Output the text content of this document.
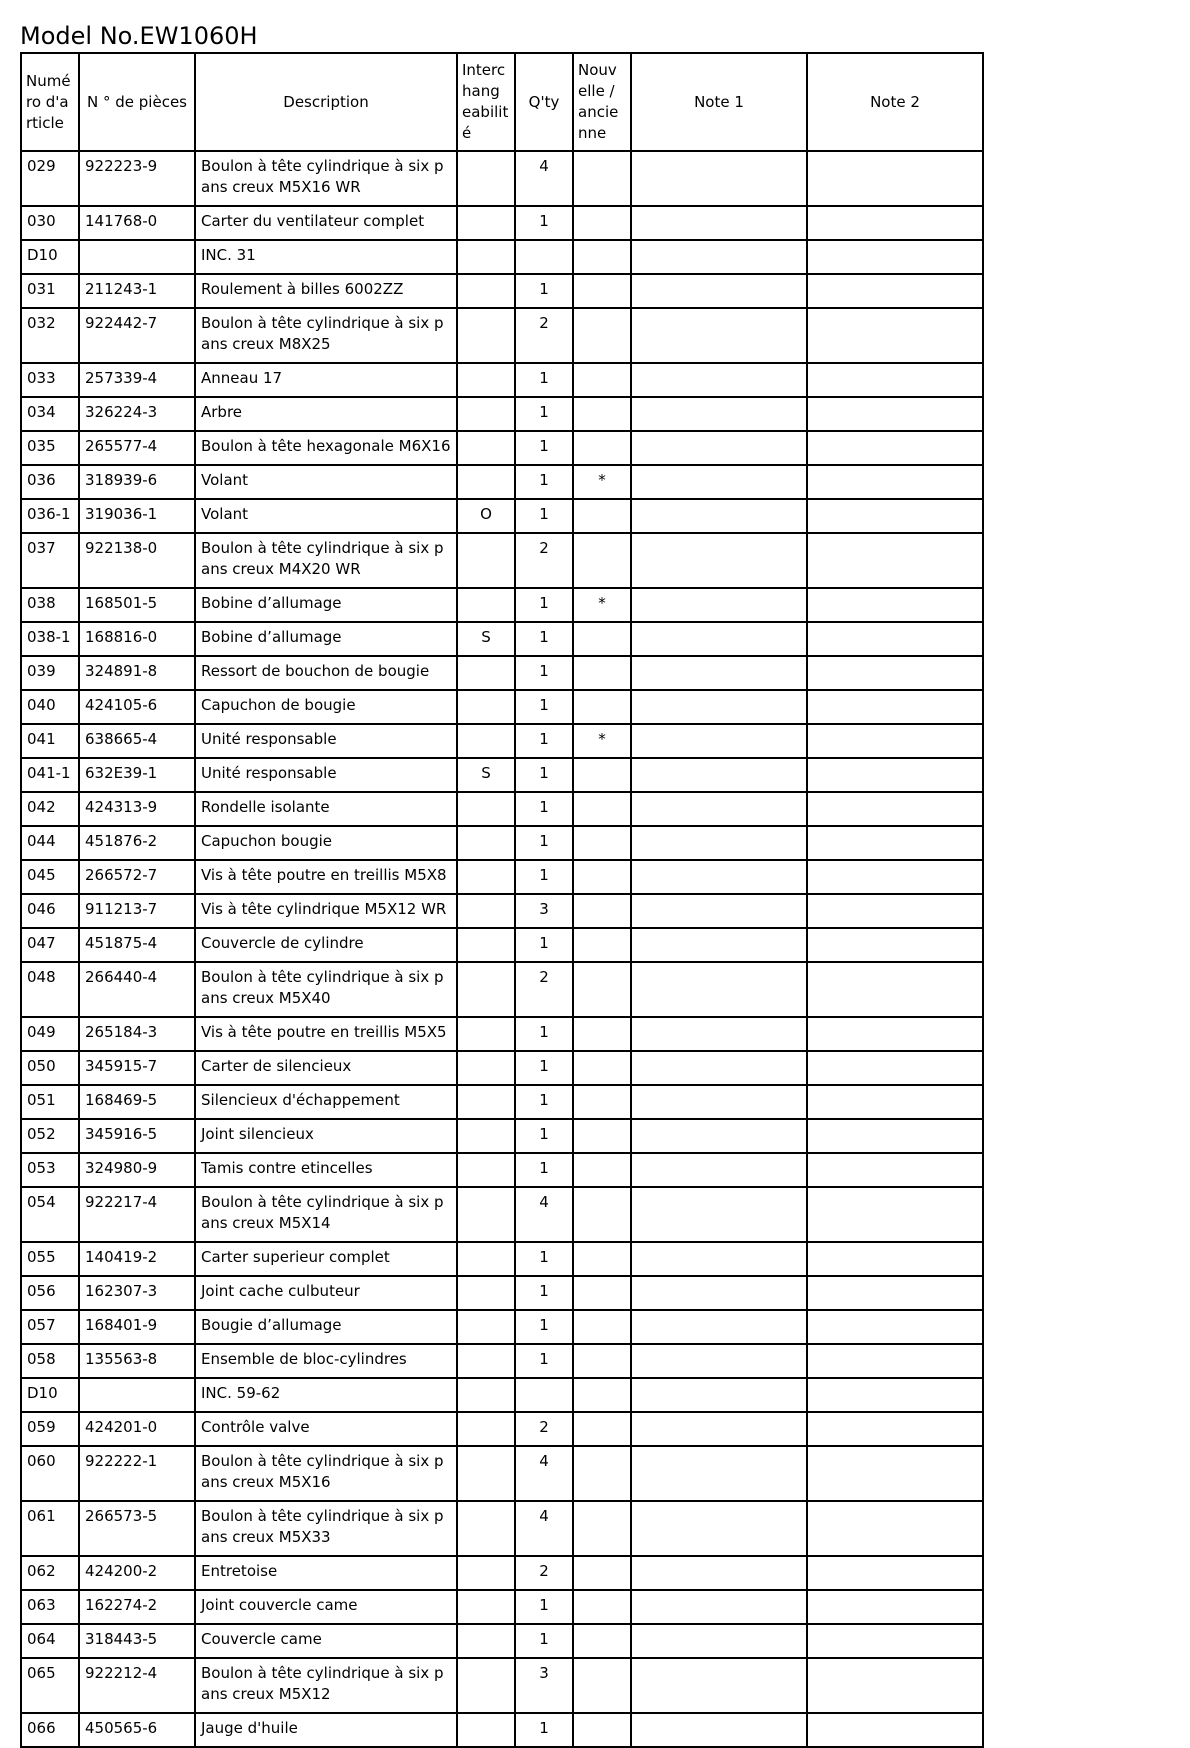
Model No.EW1060H
Numé ro d'a rticle	N ° de pièces	Description	Interc hang eabilit é	Q'ty	Nouv elle / ancie nne	Note 1	Note 2
029	922223-9	Boulon à tête cylindrique à six pans creux M5X16 WR		4			
030	141768-0	Carter du ventilateur complet		1			
D10		INC. 31					
031	211243-1	Roulement à billes 6002ZZ		1			
032	922442-7	Boulon à tête cylindrique à six pans creux M8X25		2			
033	257339-4	Anneau 17		1			
034	326224-3	Arbre		1			
035	265577-4	Boulon à tête hexagonale M6X16		1			
036	318939-6	Volant		1	*		
036-1	319036-1	Volant	O	1			
037	922138-0	Boulon à tête cylindrique à six pans creux M4X20 WR		2			
038	168501-5	Bobine d’allumage		1	*		
038-1	168816-0	Bobine d’allumage	S	1			
039	324891-8	Ressort de bouchon de bougie		1			
040	424105-6	Capuchon de bougie		1			
041	638665-4	Unité responsable		1	*		
041-1	632E39-1	Unité responsable	S	1			
042	424313-9	Rondelle isolante		1			
044	451876-2	Capuchon bougie		1			
045	266572-7	Vis à tête poutre en treillis M5X8		1			
046	911213-7	Vis à tête cylindrique M5X12 WR		3			
047	451875-4	Couvercle de cylindre		1			
048	266440-4	Boulon à tête cylindrique à six pans creux M5X40		2			
049	265184-3	Vis à tête poutre en treillis M5X5		1			
050	345915-7	Carter de silencieux		1			
051	168469-5	Silencieux d'échappement		1			
052	345916-5	Joint silencieux		1			
053	324980-9	Tamis contre etincelles		1			
054	922217-4	Boulon à tête cylindrique à six pans creux M5X14		4			
055	140419-2	Carter superieur complet		1			
056	162307-3	Joint cache culbuteur		1			
057	168401-9	Bougie d’allumage		1			
058	135563-8	Ensemble de bloc-cylindres		1			
D10		INC. 59-62					
059	424201-0	Contrôle valve		2			
060	922222-1	Boulon à tête cylindrique à six pans creux M5X16		4			
061	266573-5	Boulon à tête cylindrique à six pans creux M5X33		4			
062	424200-2	Entretoise		2			
063	162274-2	Joint couvercle came		1			
064	318443-5	Couvercle came		1			
065	922212-4	Boulon à tête cylindrique à six pans creux M5X12		3			
066	450565-6	Jauge d'huile		1			
